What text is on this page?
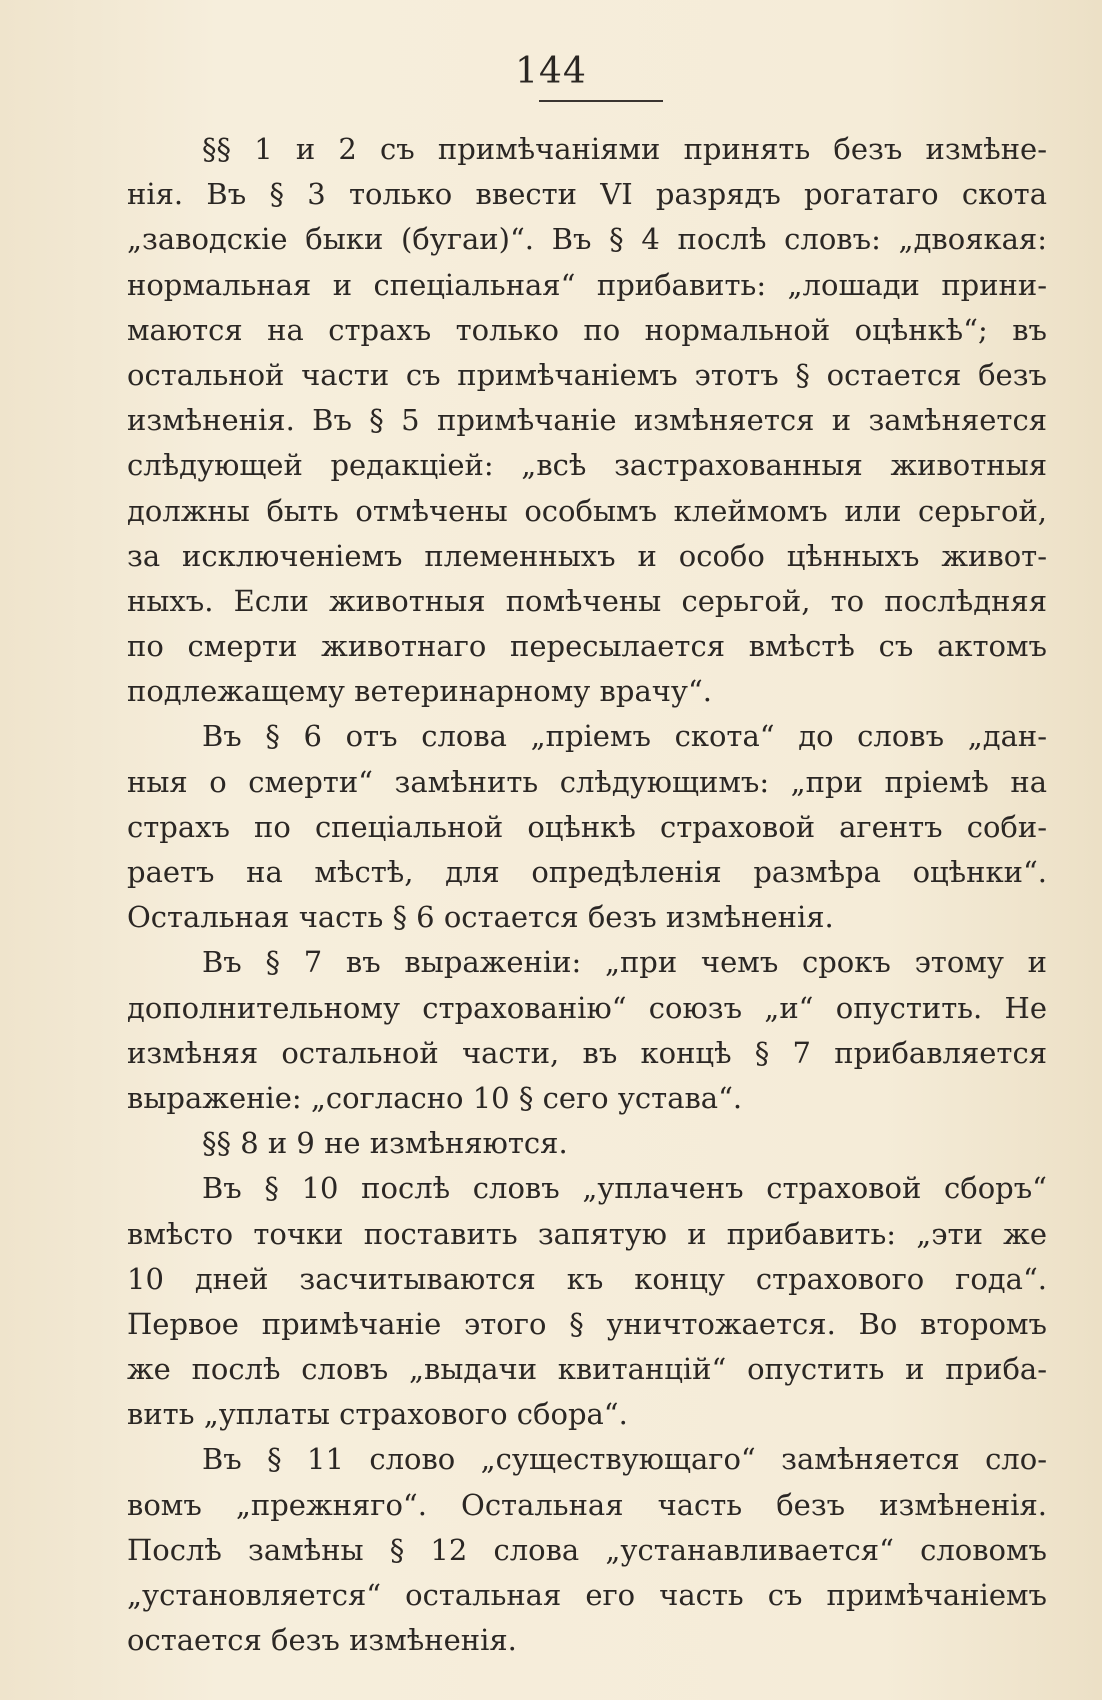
144
§§ 1 и 2 съ примѣчаніями принять безъ измѣне-
нія. Въ § 3 только ввести VI разрядъ рогатаго скота
„заводскіе быки (бугаи)“. Въ § 4 послѣ словъ: „двоякая:
нормальная и спеціальная“ прибавить: „лошади прини-
маются на страхъ только по нормальной оцѣнкѣ“; въ
остальной части съ примѣчаніемъ этотъ § остается безъ
измѣненія. Въ § 5 примѣчаніе измѣняется и замѣняется
слѣдующей редакціей: „всѣ застрахованныя животныя
должны быть отмѣчены особымъ клеймомъ или серьгой,
за исключеніемъ племенныхъ и особо цѣнныхъ живот-
ныхъ. Если животныя помѣчены серьгой, то послѣдняя
по смерти животнаго пересылается вмѣстѣ съ актомъ
подлежащему ветеринарному врачу“.
Въ § 6 отъ слова „пріемъ скота“ до словъ „дан-
ныя о смерти“ замѣнить слѣдующимъ: „при пріемѣ на
страхъ по спеціальной оцѣнкѣ страховой агентъ соби-
раетъ на мѣстѣ, для опредѣленія размѣра оцѣнки“.
Остальная часть § 6 остается безъ измѣненія.
Въ § 7 въ выраженіи: „при чемъ срокъ этому и
дополнительному страхованію“ союзъ „и“ опустить. Не
измѣняя остальной части, въ концѣ § 7 прибавляется
выраженіе: „согласно 10 § сего устава“.
§§ 8 и 9 не измѣняются.
Въ § 10 послѣ словъ „уплаченъ страховой сборъ“
вмѣсто точки поставить запятую и прибавить: „эти же
10 дней засчитываются къ концу страхового года“.
Первое примѣчаніе этого § уничтожается. Во второмъ
же послѣ словъ „выдачи квитанцій“ опустить и приба-
вить „уплаты страхового сбора“.
Въ § 11 слово „существующаго“ замѣняется сло-
вомъ „прежняго“. Остальная часть безъ измѣненія.
Послѣ замѣны § 12 слова „устанавливается“ словомъ
„установляется“ остальная его часть съ примѣчаніемъ
остается безъ измѣненія.
